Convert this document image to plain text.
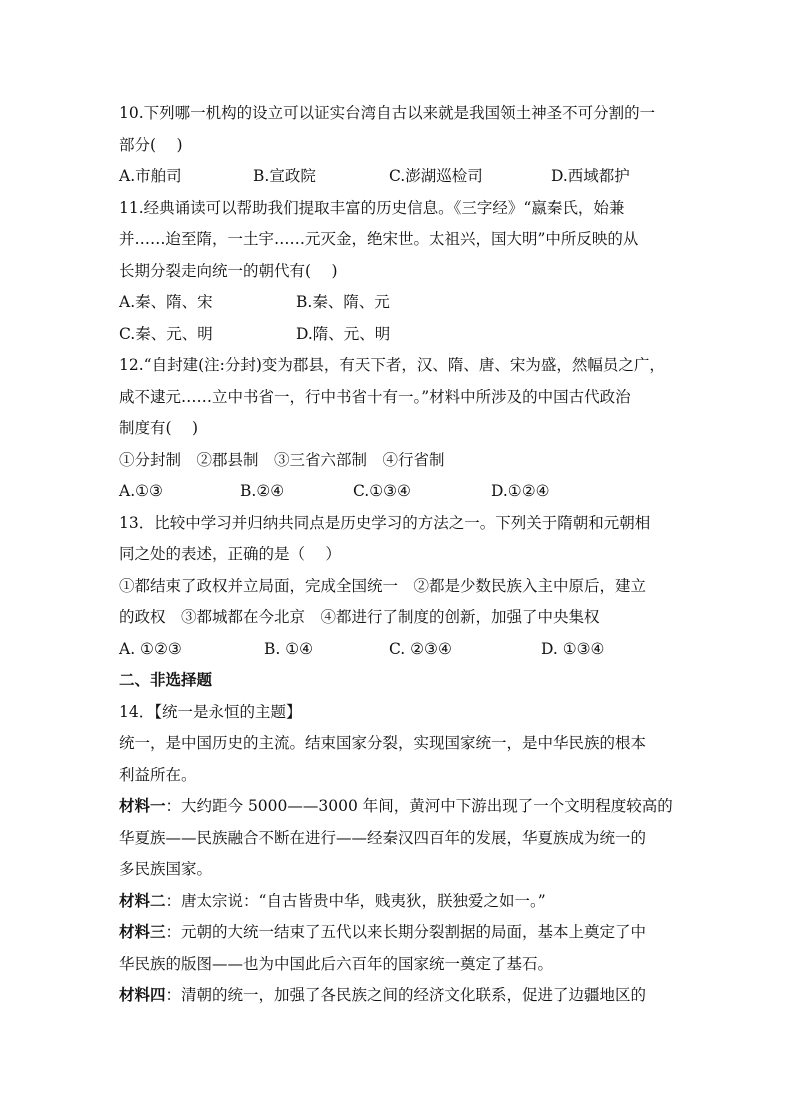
10.下列哪一机构的设立可以证实台湾自古以来就是我国领土神圣不可分割的一
部分(　 )
A.市舶司	B.宣政院	C.澎湖巡检司	D.西域都护
11.经典诵读可以帮助我们提取丰富的历史信息。《三字经》“嬴秦氏，始兼
并……迨至隋，一土宇……元灭金，绝宋世。太祖兴，国大明”中所反映的从
长期分裂走向统一的朝代有(　 )
A.秦、隋、宋	B.秦、隋、元
C.秦、元、明	D.隋、元、明
12.“自封建(注:分封)变为郡县，有天下者，汉、隋、唐、宋为盛，然幅员之广，
咸不逮元……立中书省一，行中书省十有一。”材料中所涉及的中国古代政治
制度有(　 )
①分封制　②郡县制　③三省六部制　④行省制
A.①③	B.②④	C.①③④	D.①②④
13．比较中学习并归纳共同点是历史学习的方法之一。下列关于隋朝和元朝相
同之处的表述，正确的是（　 ）
①都结束了政权并立局面，完成全国统一　②都是少数民族入主中原后，建立
的政权　③都城都在今北京　④都进行了制度的创新，加强了中央集权
A. ①②③	B. ①④	C. ②③④	D. ①③④
二、非选择题
14．【统一是永恒的主题】
统一，是中国历史的主流。结束国家分裂，实现国家统一，是中华民族的根本
利益所在。
材料一：大约距今 5000——3000 年间，黄河中下游出现了一个文明程度较高的
华夏族——民族融合不断在进行——经秦汉四百年的发展，华夏族成为统一的
多民族国家。
材料二：唐太宗说：“自古皆贵中华，贱夷狄，朕独爱之如一。”
材料三：元朝的大统一结束了五代以来长期分裂割据的局面，基本上奠定了中
华民族的版图——也为中国此后六百年的国家统一奠定了基石。
材料四：清朝的统一，加强了各民族之间的经济文化联系，促进了边疆地区的
